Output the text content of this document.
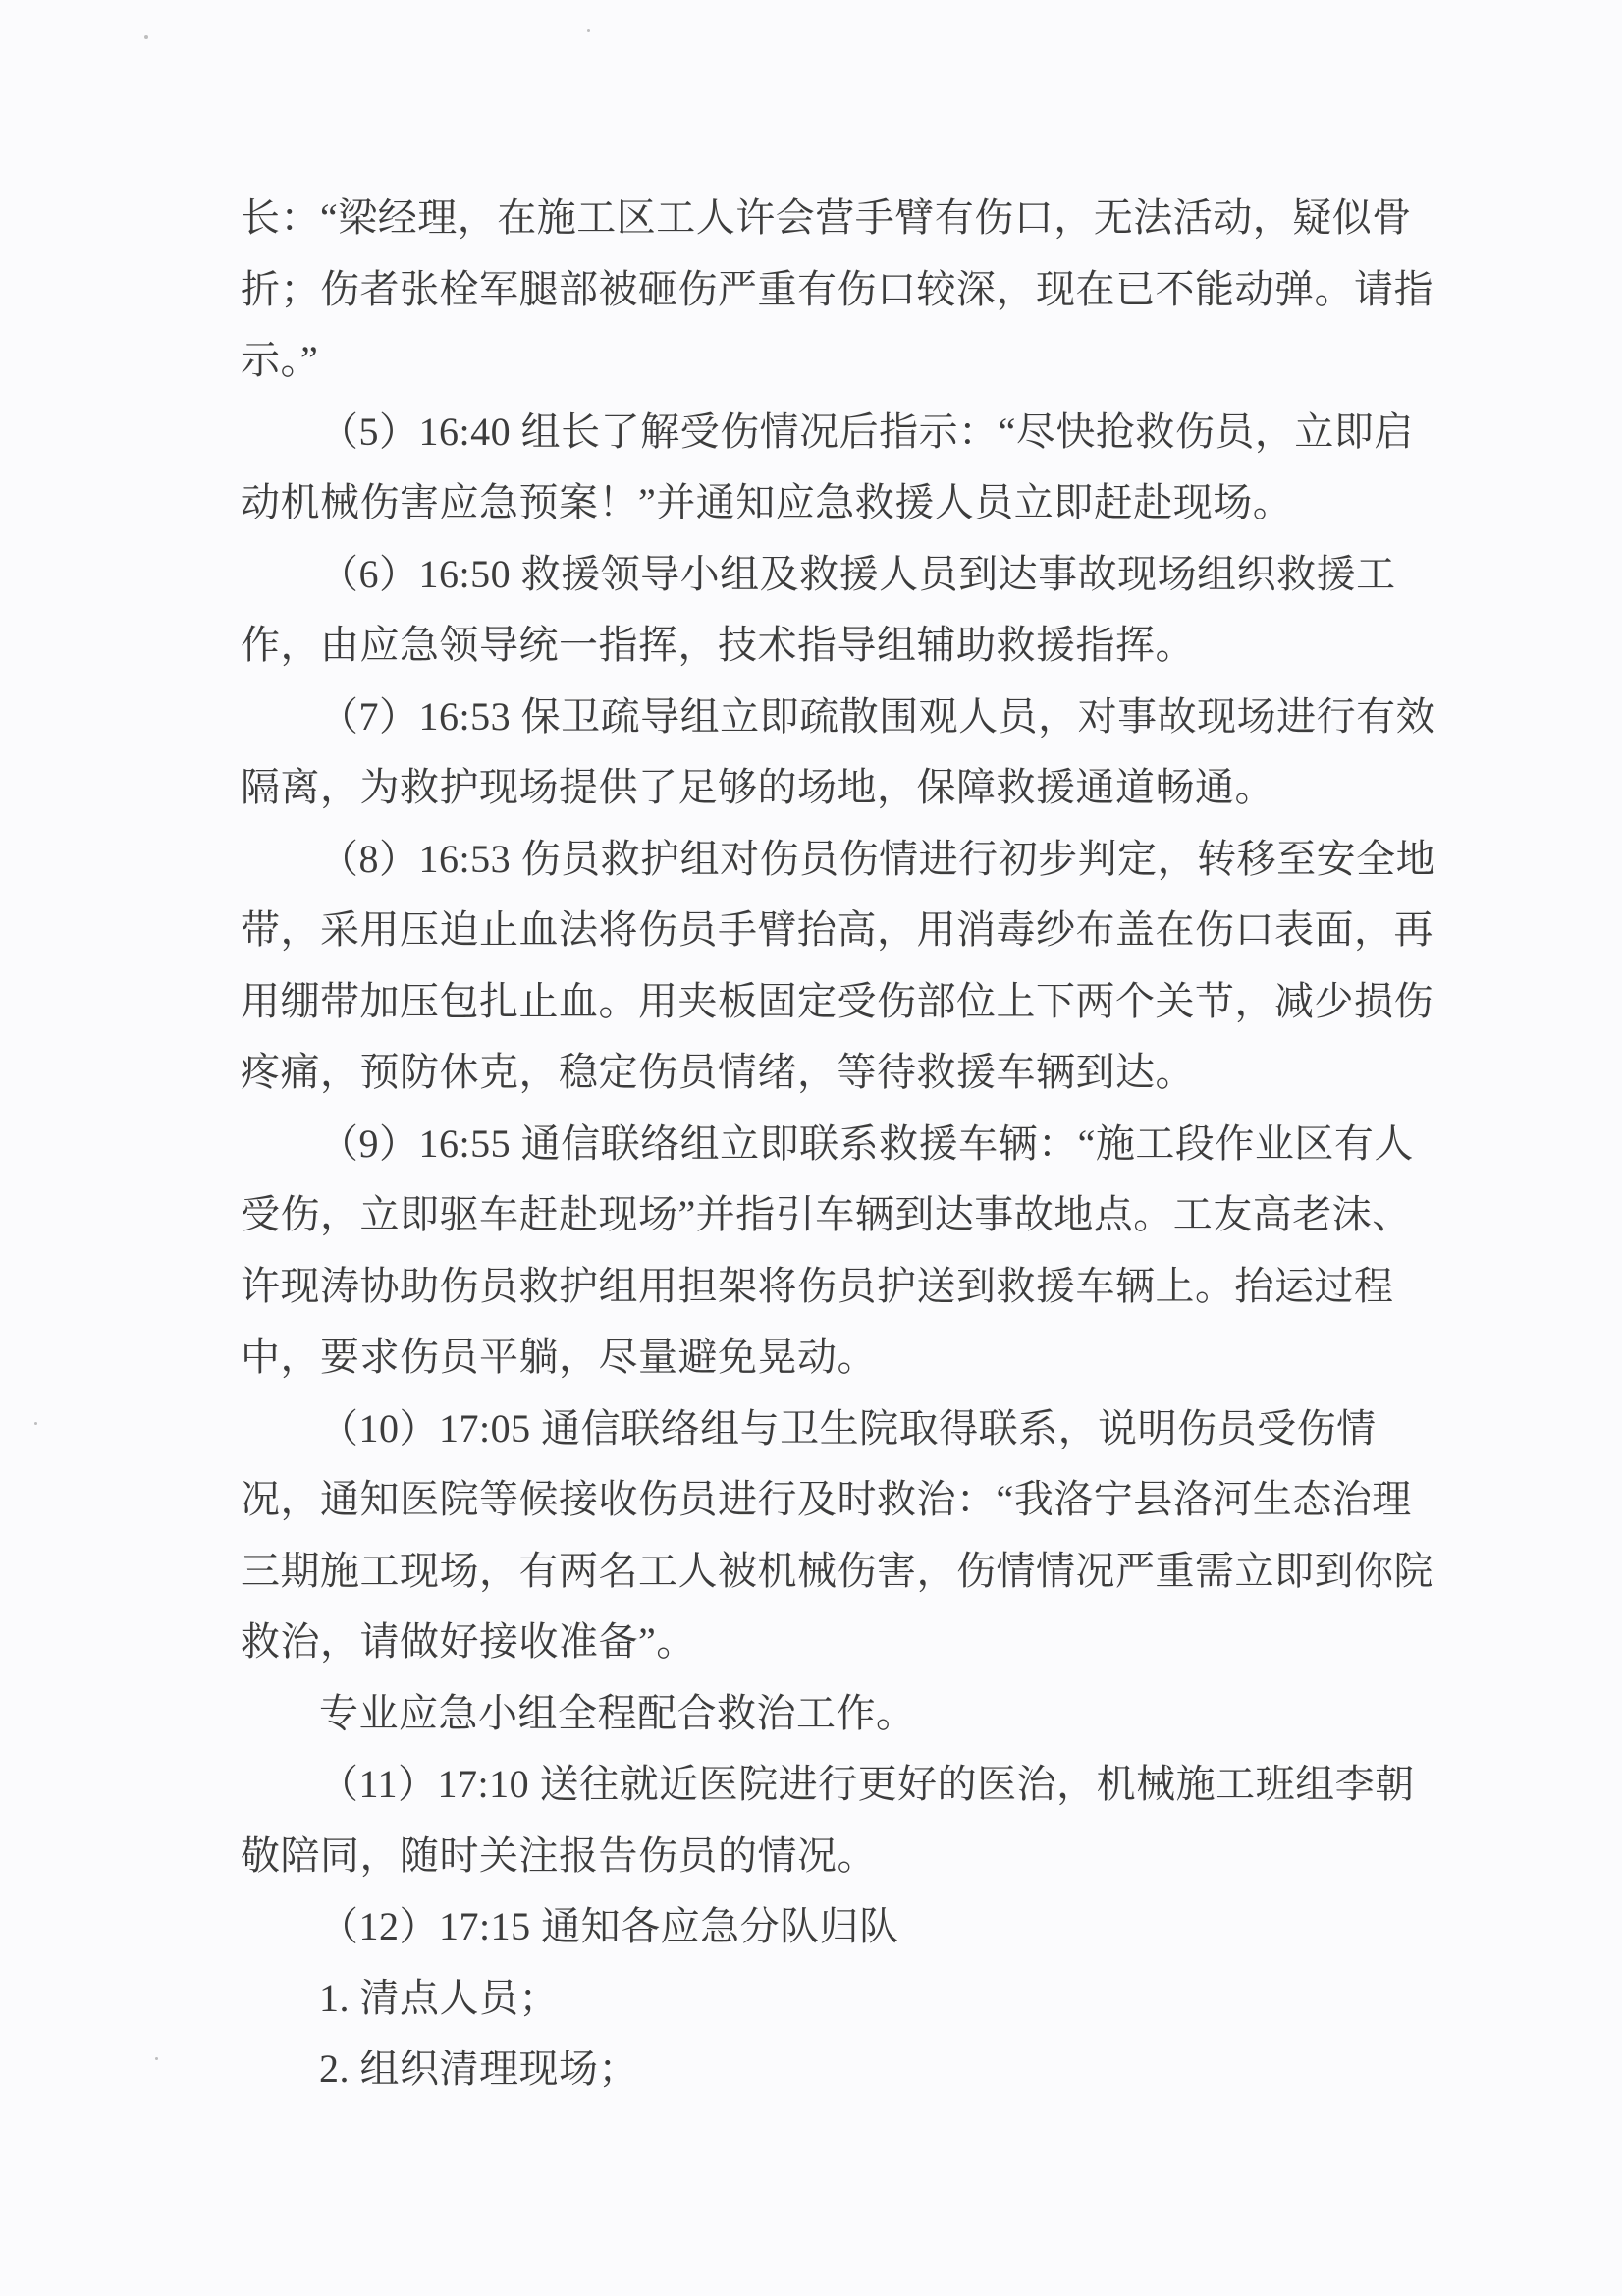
长：“梁经理，在施工区工人许会营手臂有伤口，无法活动，疑似骨
折；伤者张栓军腿部被砸伤严重有伤口较深，现在已不能动弹。请指
示。”
（5）16:40 组长了解受伤情况后指示：“尽快抢救伤员，立即启
动机械伤害应急预案！”并通知应急救援人员立即赶赴现场。
（6）16:50 救援领导小组及救援人员到达事故现场组织救援工
作，由应急领导统一指挥，技术指导组辅助救援指挥。
（7）16:53 保卫疏导组立即疏散围观人员，对事故现场进行有效
隔离，为救护现场提供了足够的场地，保障救援通道畅通。
（8）16:53 伤员救护组对伤员伤情进行初步判定，转移至安全地
带，采用压迫止血法将伤员手臂抬高，用消毒纱布盖在伤口表面，再
用绷带加压包扎止血。用夹板固定受伤部位上下两个关节，减少损伤
疼痛，预防休克，稳定伤员情绪，等待救援车辆到达。
（9）16:55 通信联络组立即联系救援车辆：“施工段作业区有人
受伤，立即驱车赶赴现场”并指引车辆到达事故地点。工友高老沫、
许现涛协助伤员救护组用担架将伤员护送到救援车辆上。抬运过程
中，要求伤员平躺，尽量避免晃动。
（10）17:05 通信联络组与卫生院取得联系，说明伤员受伤情
况，通知医院等候接收伤员进行及时救治：“我洛宁县洛河生态治理
三期施工现场，有两名工人被机械伤害，伤情情况严重需立即到你院
救治，请做好接收准备”。
专业应急小组全程配合救治工作。
（11）17:10 送往就近医院进行更好的医治，机械施工班组李朝
敬陪同，随时关注报告伤员的情况。
（12）17:15 通知各应急分队归队
1. 清点人员；
2. 组织清理现场；
